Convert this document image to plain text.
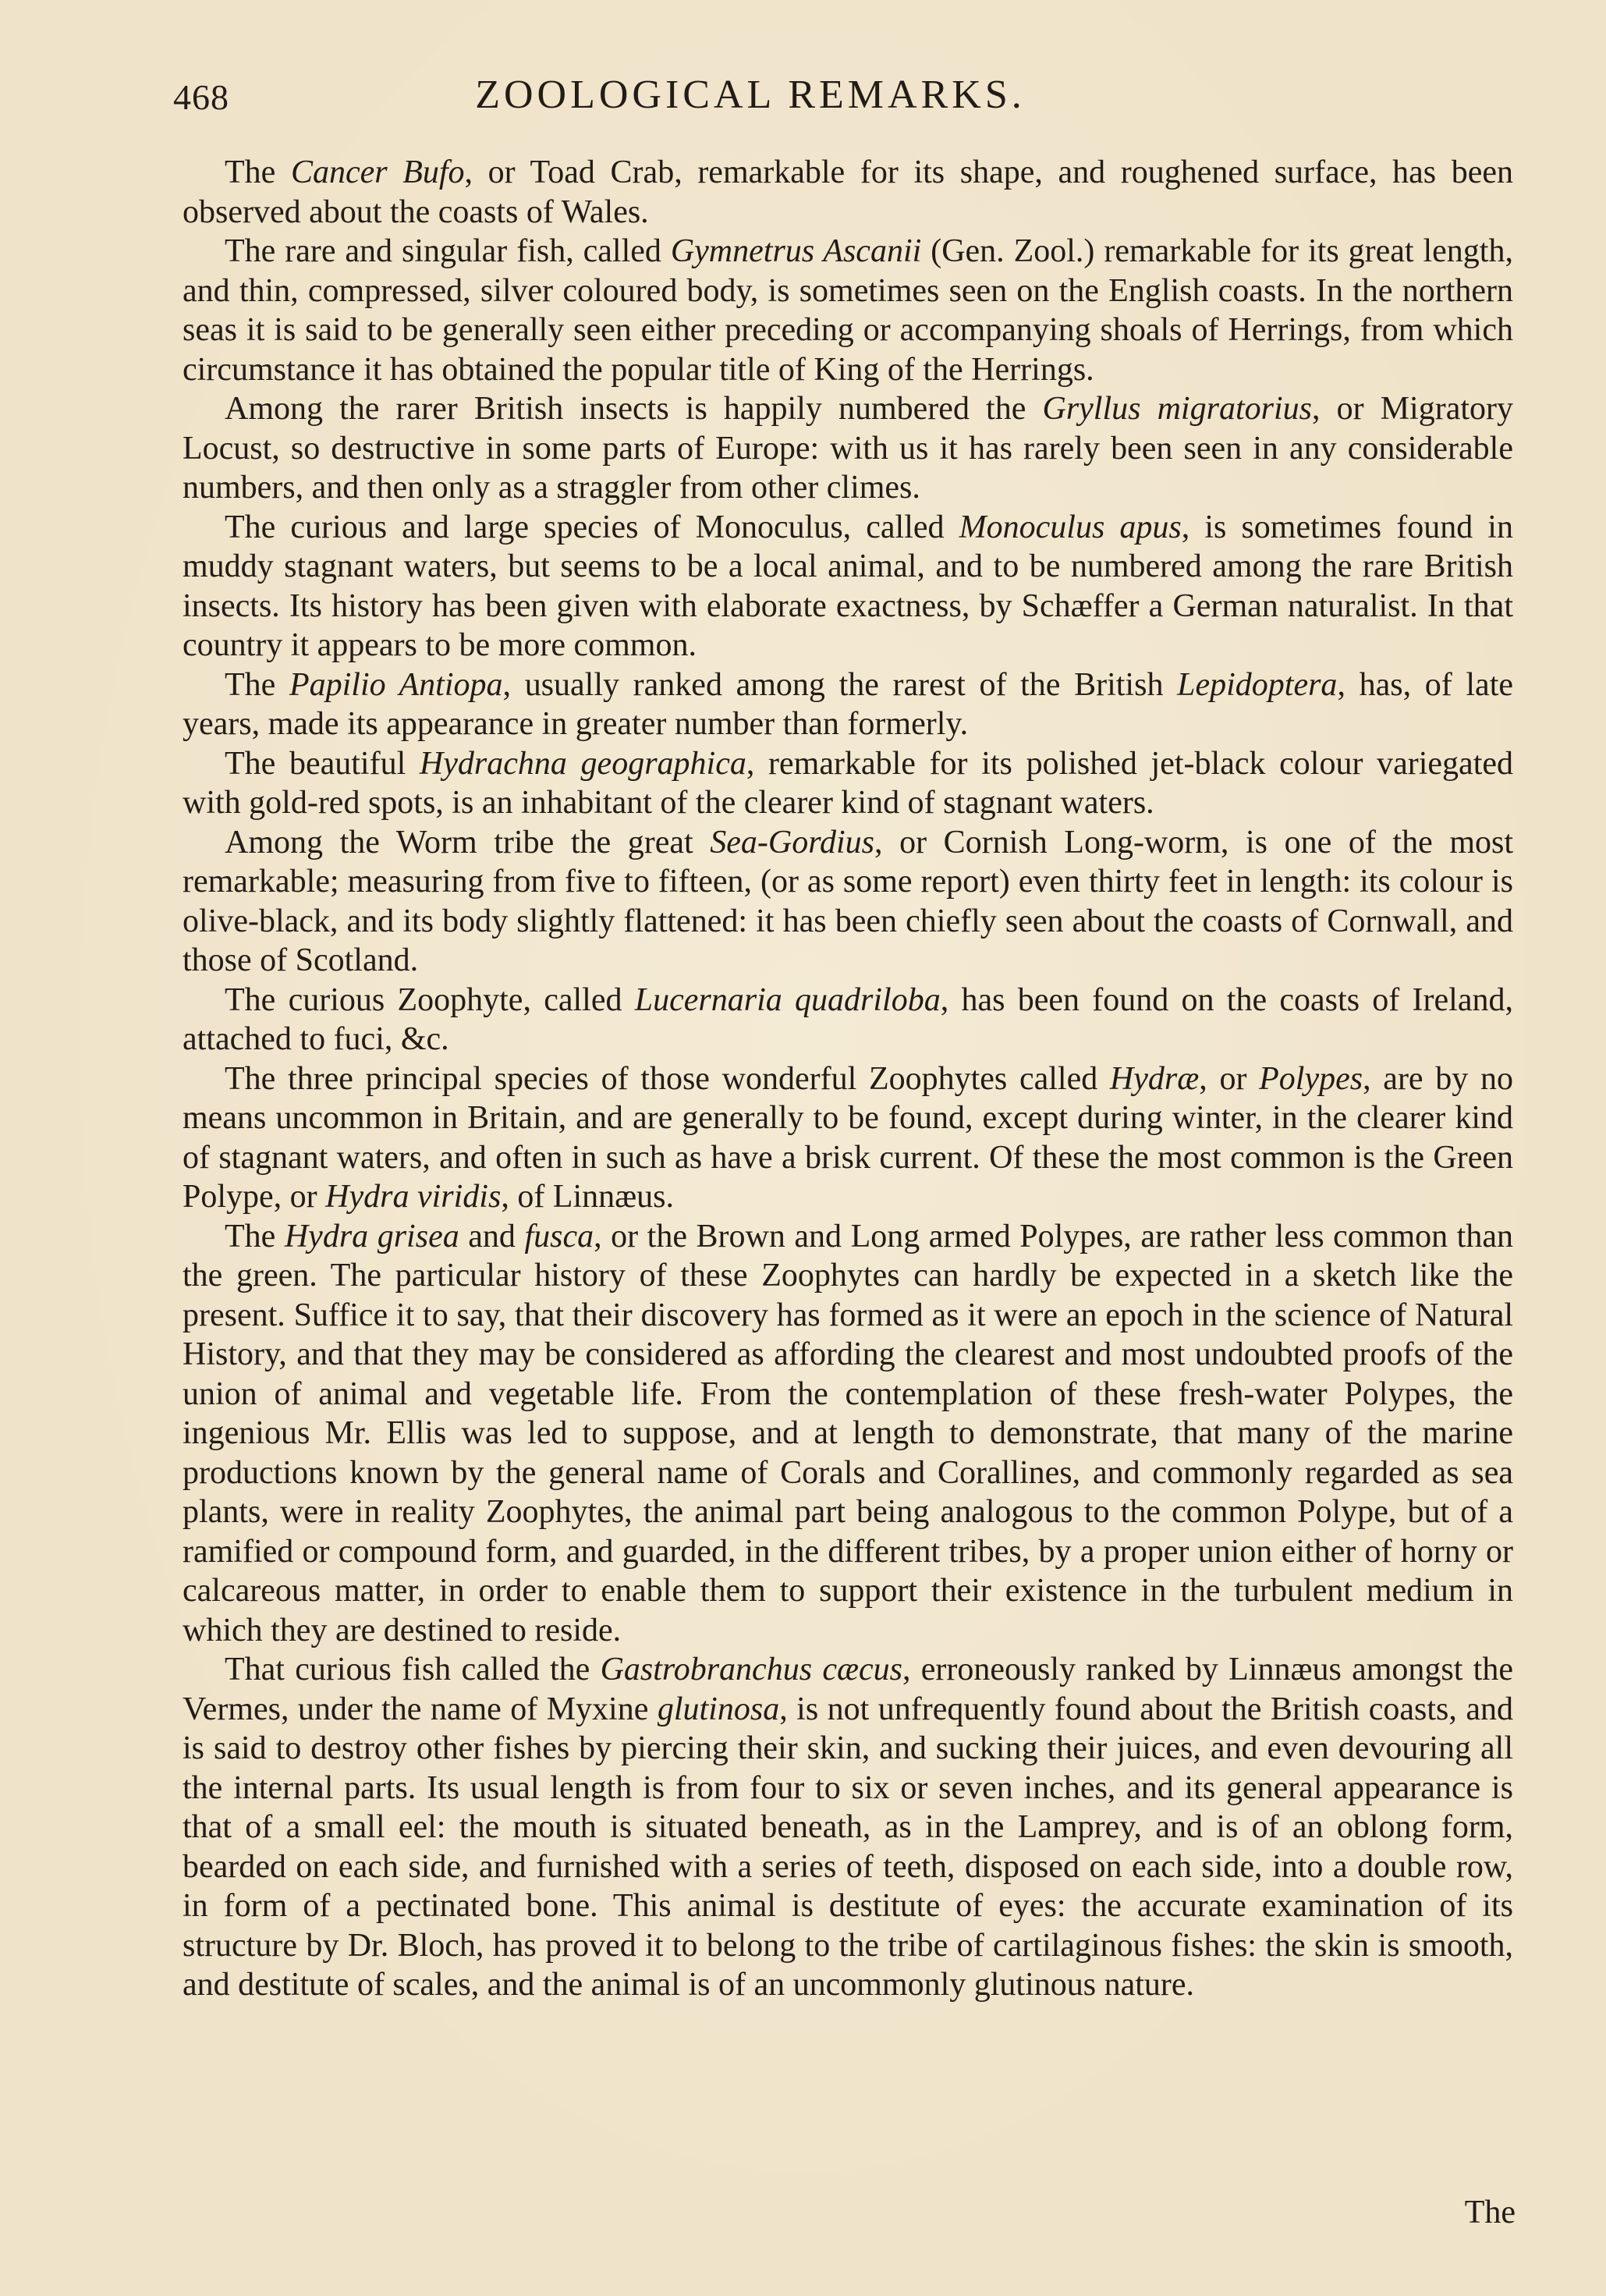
468	ZOOLOGICAL REMARKS.

The Cancer Bufo, or Toad Crab, remarkable for its shape, and roughened surface, has been observed about the coasts of Wales.

The rare and singular fish, called Gymnetrus Ascanii (Gen. Zool.) remarkable for its great length, and thin, compressed, silver coloured body, is sometimes seen on the English coasts. In the northern seas it is said to be generally seen either preceding or accompanying shoals of Herrings, from which circumstance it has obtained the popular title of King of the Herrings.

Among the rarer British insects is happily numbered the Gryllus migratorius, or Migratory Locust, so destructive in some parts of Europe: with us it has rarely been seen in any considerable numbers, and then only as a straggler from other climes.

The curious and large species of Monoculus, called Monoculus apus, is sometimes found in muddy stagnant waters, but seems to be a local animal, and to be numbered among the rare British insects. Its history has been given with elaborate exactness, by Schæffer a German naturalist. In that country it appears to be more common.

The Papilio Antiopa, usually ranked among the rarest of the British Lepidoptera, has, of late years, made its appearance in greater number than formerly.

The beautiful Hydrachna geographica, remarkable for its polished jet-black colour variegated with gold-red spots, is an inhabitant of the clearer kind of stagnant waters.

Among the Worm tribe the great Sea-Gordius, or Cornish Long-worm, is one of the most remarkable; measuring from five to fifteen, (or as some report) even thirty feet in length: its colour is olive-black, and its body slightly flattened: it has been chiefly seen about the coasts of Cornwall, and those of Scotland.

The curious Zoophyte, called Lucernaria quadriloba, has been found on the coasts of Ireland, attached to fuci, &c.

The three principal species of those wonderful Zoophytes called Hydræ, or Polypes, are by no means uncommon in Britain, and are generally to be found, except during winter, in the clearer kind of stagnant waters, and often in such as have a brisk current. Of these the most common is the Green Polype, or Hydra viridis, of Linnæus.

The Hydra grisea and fusca, or the Brown and Long armed Polypes, are rather less common than the green. The particular history of these Zoophytes can hardly be expected in a sketch like the present. Suffice it to say, that their discovery has formed as it were an epoch in the science of Natural History, and that they may be considered as affording the clearest and most undoubted proofs of the union of animal and vegetable life. From the contemplation of these fresh-water Polypes, the ingenious Mr. Ellis was led to suppose, and at length to demonstrate, that many of the marine productions known by the general name of Corals and Corallines, and commonly regarded as sea plants, were in reality Zoophytes, the animal part being analogous to the common Polype, but of a ramified or compound form, and guarded, in the different tribes, by a proper union either of horny or calcareous matter, in order to enable them to support their existence in the turbulent medium in which they are destined to reside.

That curious fish called the Gastrobranchus cæcus, erroneously ranked by Linnæus amongst the Vermes, under the name of Myxine glutinosa, is not unfrequently found about the British coasts, and is said to destroy other fishes by piercing their skin, and sucking their juices, and even devouring all the internal parts. Its usual length is from four to six or seven inches, and its general appearance is that of a small eel: the mouth is situated beneath, as in the Lamprey, and is of an oblong form, bearded on each side, and furnished with a series of teeth, disposed on each side, into a double row, in form of a pectinated bone. This animal is destitute of eyes: the accurate examination of its structure by Dr. Bloch, has proved it to belong to the tribe of cartilaginous fishes: the skin is smooth, and destitute of scales, and the animal is of an uncommonly glutinous nature.

The
